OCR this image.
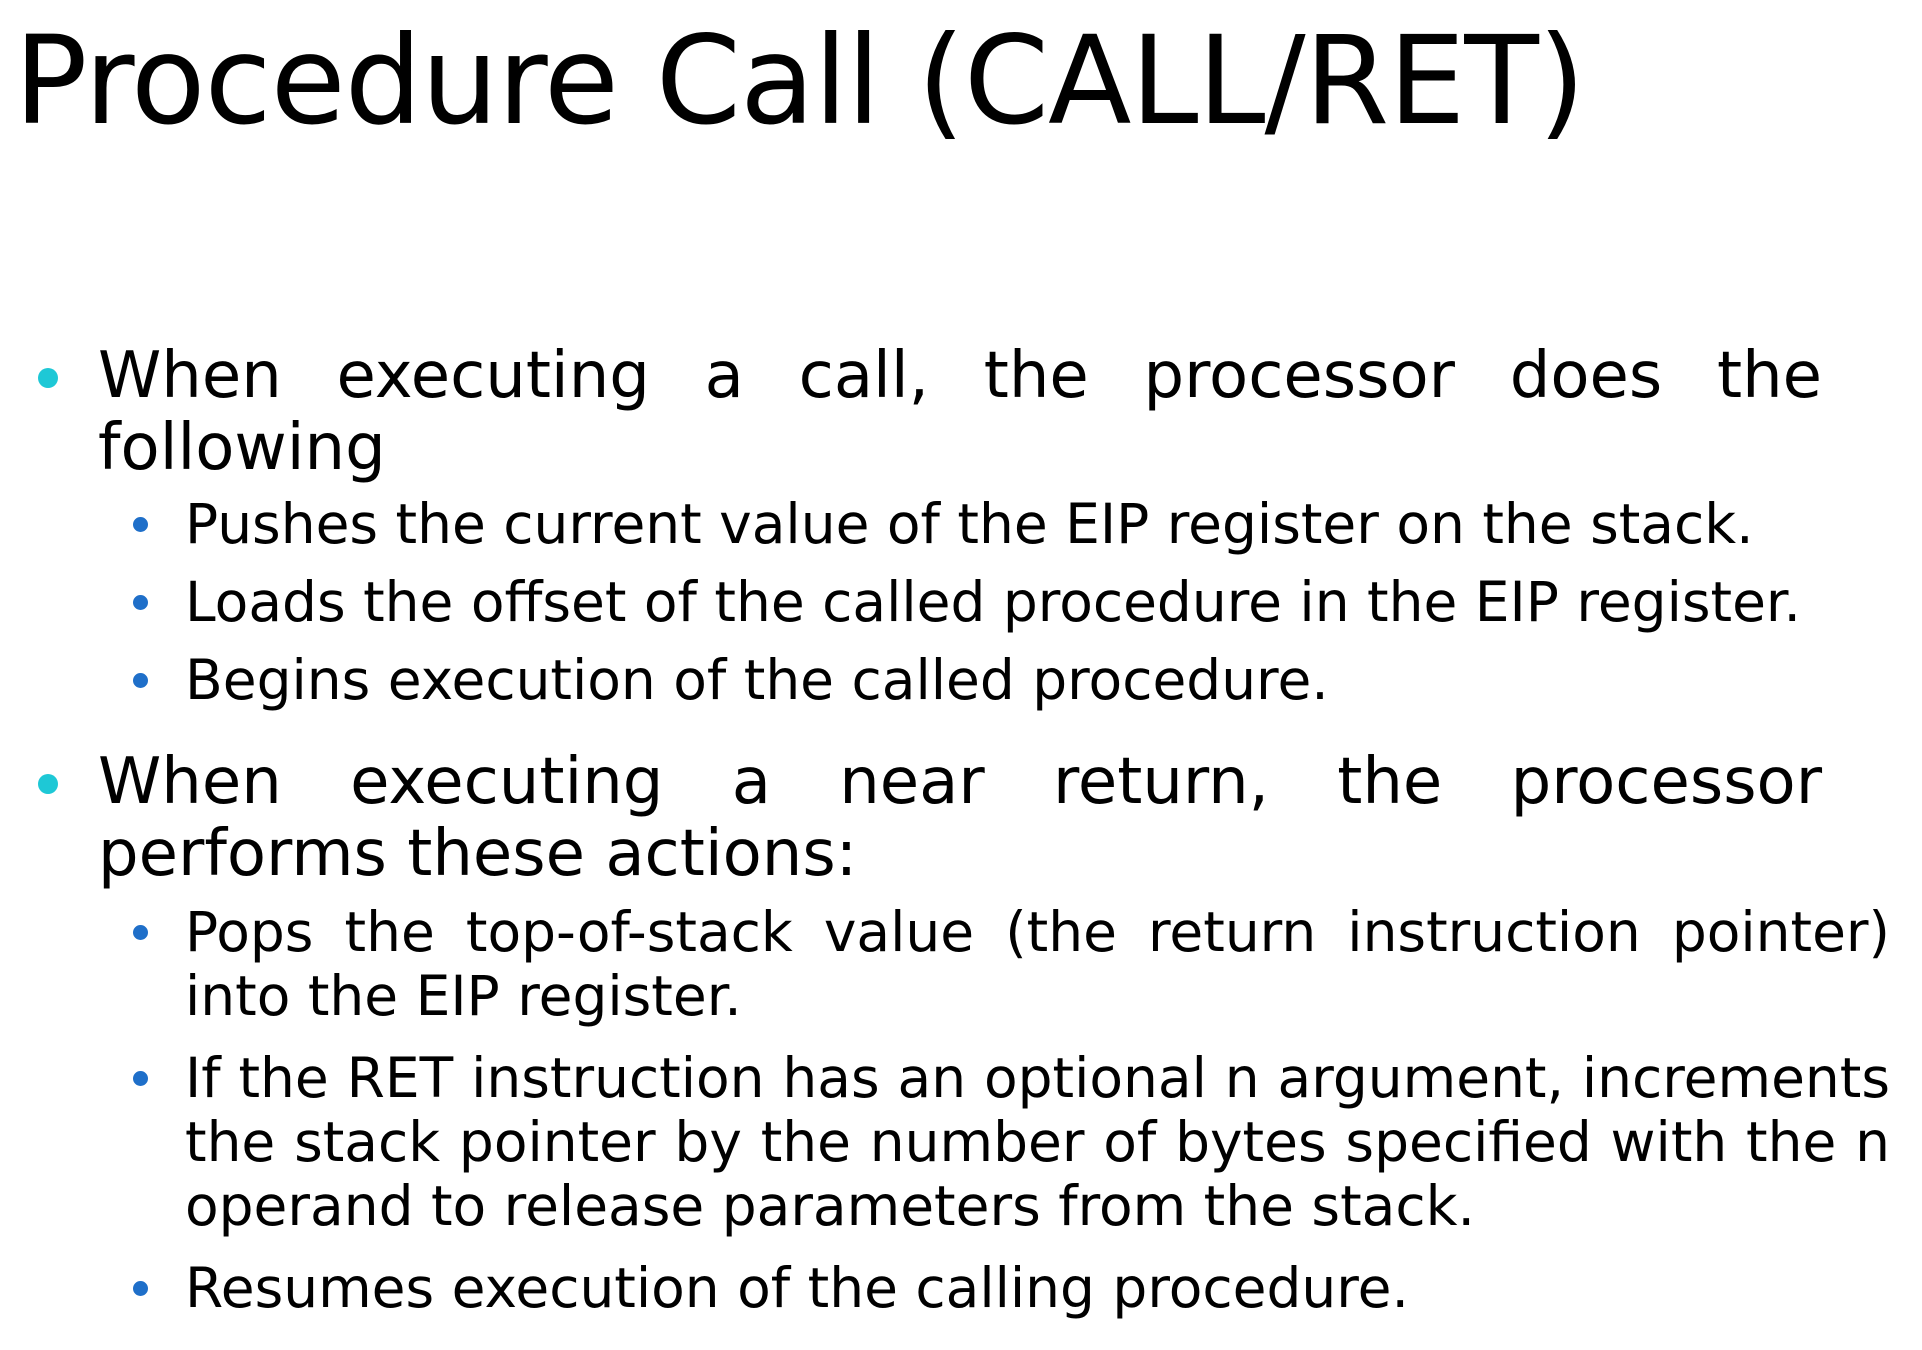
Procedure Call (CALL/RET)
When executing a call, the processor does the following
Pushes the current value of the EIP register on the stack.
Loads the offset of the called procedure in the EIP register.
Begins execution of the called procedure.
When executing a near return, the processor performs these actions:
Pops the top-of-stack value (the return instruction pointer) into the EIP register.
If the RET instruction has an optional n argument, increments the stack pointer by the number of bytes specified with the n operand to release parameters from the stack.
Resumes execution of the calling procedure.
